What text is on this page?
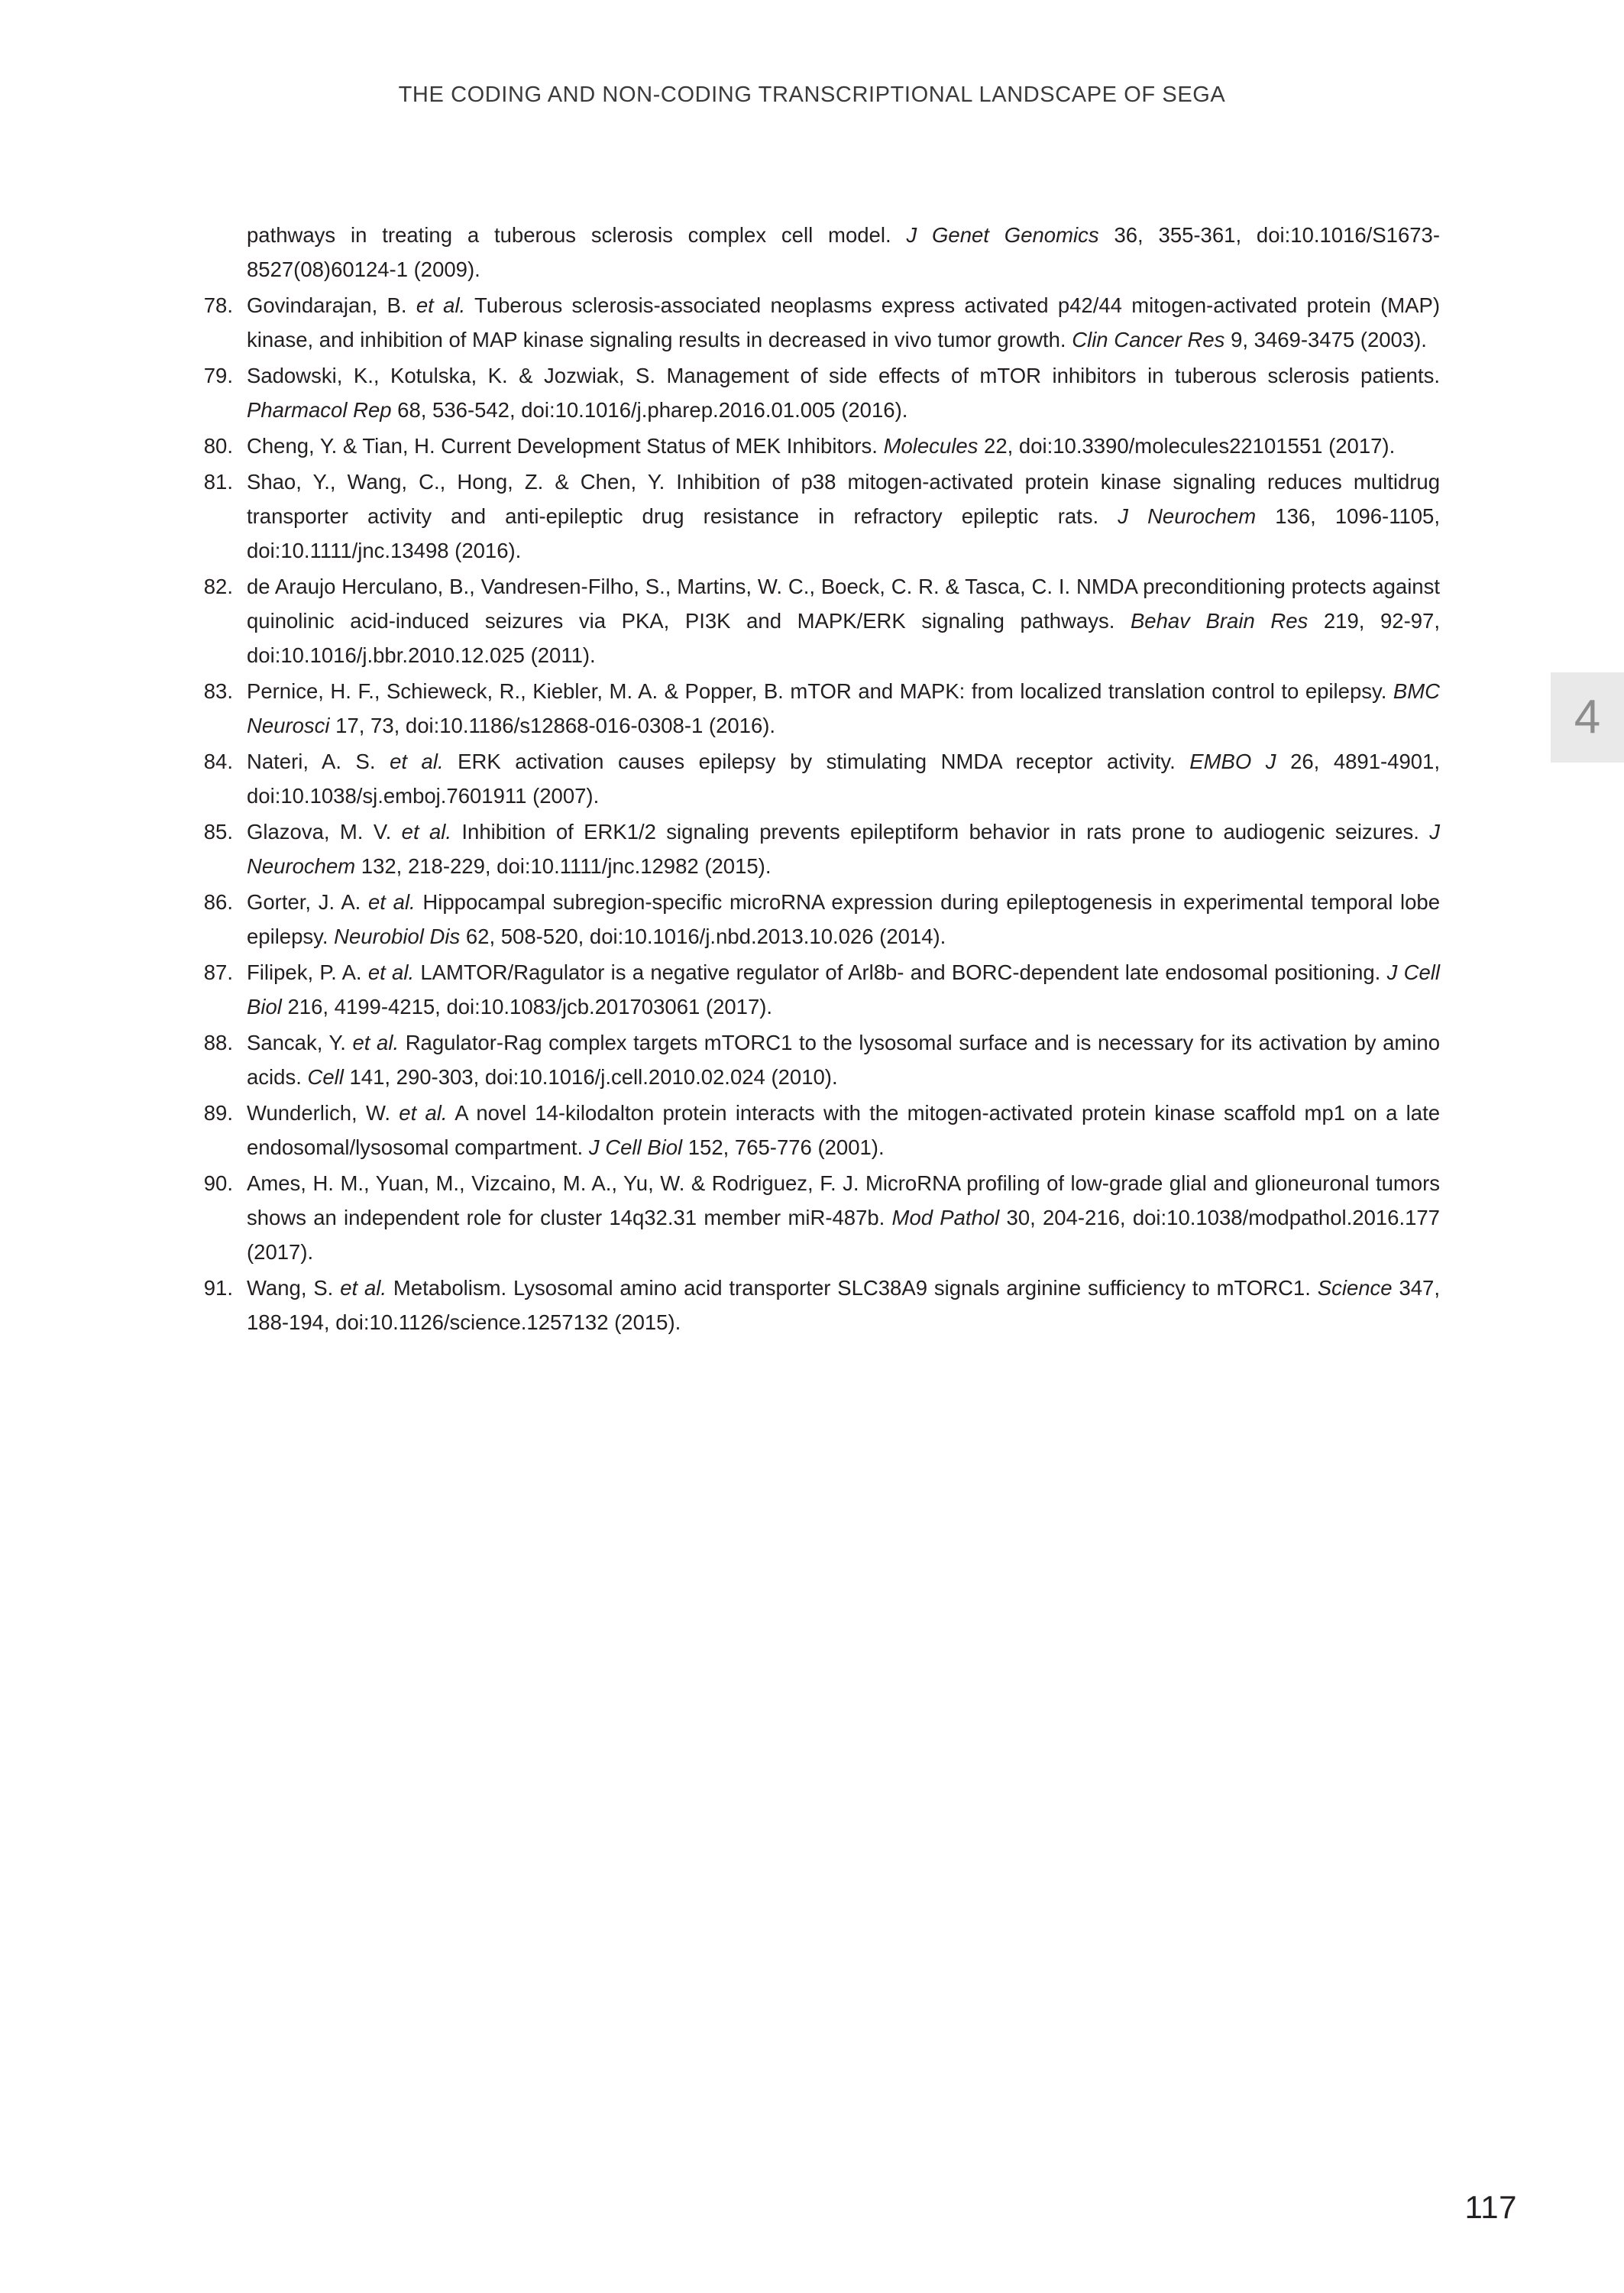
THE CODING AND NON-CODING TRANSCRIPTIONAL LANDSCAPE OF SEGA
4
pathways in treating a tuberous sclerosis complex cell model. J Genet Genomics 36, 355-361, doi:10.1016/S1673-8527(08)60124-1 (2009).
78. Govindarajan, B. et al. Tuberous sclerosis-associated neoplasms express activated p42/44 mitogen-activated protein (MAP) kinase, and inhibition of MAP kinase signaling results in decreased in vivo tumor growth. Clin Cancer Res 9, 3469-3475 (2003).
79. Sadowski, K., Kotulska, K. & Jozwiak, S. Management of side effects of mTOR inhibitors in tuberous sclerosis patients. Pharmacol Rep 68, 536-542, doi:10.1016/j.pharep.2016.01.005 (2016).
80. Cheng, Y. & Tian, H. Current Development Status of MEK Inhibitors. Molecules 22, doi:10.3390/molecules22101551 (2017).
81. Shao, Y., Wang, C., Hong, Z. & Chen, Y. Inhibition of p38 mitogen-activated protein kinase signaling reduces multidrug transporter activity and anti-epileptic drug resistance in refractory epileptic rats. J Neurochem 136, 1096-1105, doi:10.1111/jnc.13498 (2016).
82. de Araujo Herculano, B., Vandresen-Filho, S., Martins, W. C., Boeck, C. R. & Tasca, C. I. NMDA preconditioning protects against quinolinic acid-induced seizures via PKA, PI3K and MAPK/ERK signaling pathways. Behav Brain Res 219, 92-97, doi:10.1016/j.bbr.2010.12.025 (2011).
83. Pernice, H. F., Schieweck, R., Kiebler, M. A. & Popper, B. mTOR and MAPK: from localized translation control to epilepsy. BMC Neurosci 17, 73, doi:10.1186/s12868-016-0308-1 (2016).
84. Nateri, A. S. et al. ERK activation causes epilepsy by stimulating NMDA receptor activity. EMBO J 26, 4891-4901, doi:10.1038/sj.emboj.7601911 (2007).
85. Glazova, M. V. et al. Inhibition of ERK1/2 signaling prevents epileptiform behavior in rats prone to audiogenic seizures. J Neurochem 132, 218-229, doi:10.1111/jnc.12982 (2015).
86. Gorter, J. A. et al. Hippocampal subregion-specific microRNA expression during epileptogenesis in experimental temporal lobe epilepsy. Neurobiol Dis 62, 508-520, doi:10.1016/j.nbd.2013.10.026 (2014).
87. Filipek, P. A. et al. LAMTOR/Ragulator is a negative regulator of Arl8b- and BORC-dependent late endosomal positioning. J Cell Biol 216, 4199-4215, doi:10.1083/jcb.201703061 (2017).
88. Sancak, Y. et al. Ragulator-Rag complex targets mTORC1 to the lysosomal surface and is necessary for its activation by amino acids. Cell 141, 290-303, doi:10.1016/j.cell.2010.02.024 (2010).
89. Wunderlich, W. et al. A novel 14-kilodalton protein interacts with the mitogen-activated protein kinase scaffold mp1 on a late endosomal/lysosomal compartment. J Cell Biol 152, 765-776 (2001).
90. Ames, H. M., Yuan, M., Vizcaino, M. A., Yu, W. & Rodriguez, F. J. MicroRNA profiling of low-grade glial and glioneuronal tumors shows an independent role for cluster 14q32.31 member miR-487b. Mod Pathol 30, 204-216, doi:10.1038/modpathol.2016.177 (2017).
91. Wang, S. et al. Metabolism. Lysosomal amino acid transporter SLC38A9 signals arginine sufficiency to mTORC1. Science 347, 188-194, doi:10.1126/science.1257132 (2015).
117
